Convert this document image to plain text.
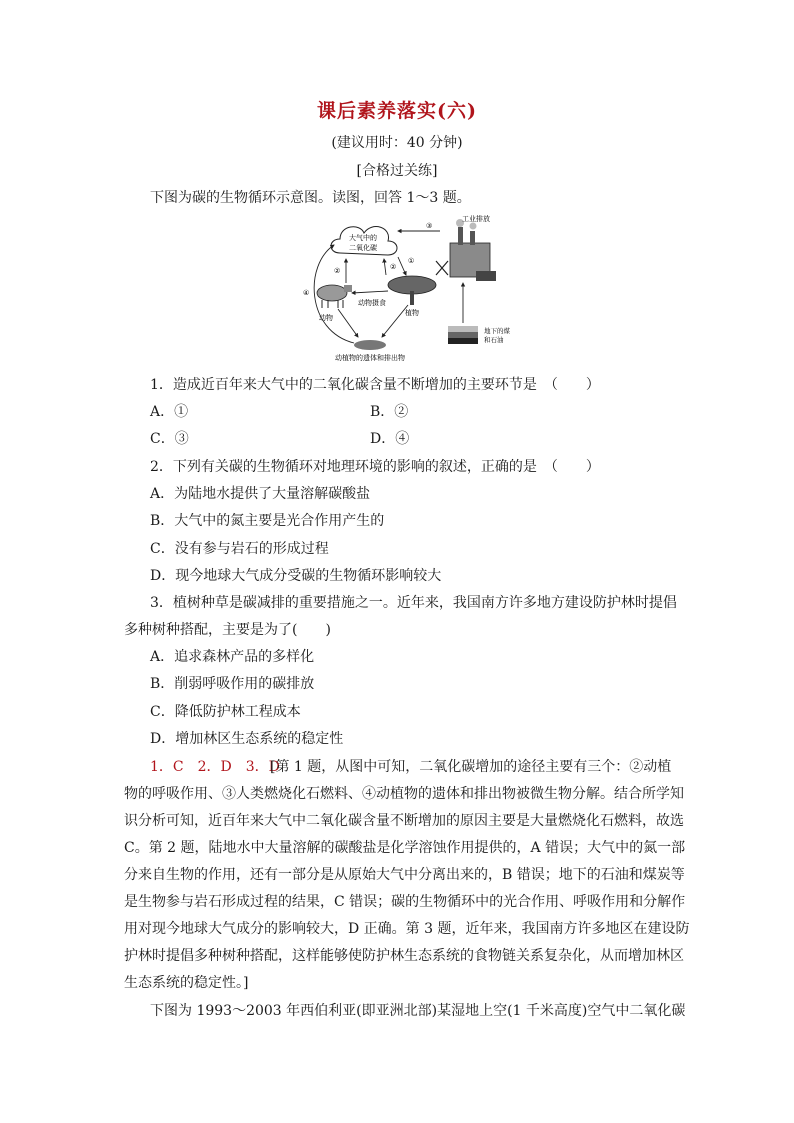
课后素养落实(六)
(建议用时：40 分钟)
[合格过关练]
下图为碳的生物循环示意图。读图，回答 1～3 题。
大气中的
二氧化碳
工业排放
动物摄食
植物
动物
动植物的遗体和排出物
地下的煤
和石油
③
①
②
②
④
1．造成近百年来大气中的二氧化碳含量不断增加的主要环节是　（　　）
A．①	B．②
C．③	D．④
2．下列有关碳的生物循环对地理环境的影响的叙述，正确的是　（　　）
A．为陆地水提供了大量溶解碳酸盐
B．大气中的氮主要是光合作用产生的
C．没有参与岩石的形成过程
D．现今地球大气成分受碳的生物循环影响较大
3．植树种草是碳减排的重要措施之一。近年来，我国南方许多地方建设防护林时提倡
多种树种搭配，主要是为了(　　)
A．追求森林产品的多样化
B．削弱呼吸作用的碳排放
C．降低防护林工程成本
D．增加林区生态系统的稳定性
1．C　2．D　3．D
[第 1 题，从图中可知，二氧化碳增加的途径主要有三个：②动植
物的呼吸作用、③人类燃烧化石燃料、④动植物的遗体和排出物被微生物分解。结合所学知
识分析可知，近百年来大气中二氧化碳含量不断增加的原因主要是大量燃烧化石燃料，故选
C。第 2 题，陆地水中大量溶解的碳酸盐是化学溶蚀作用提供的，A 错误；大气中的氮一部
分来自生物的作用，还有一部分是从原始大气中分离出来的，B 错误；地下的石油和煤炭等
是生物参与岩石形成过程的结果，C 错误；碳的生物循环中的光合作用、呼吸作用和分解作
用对现今地球大气成分的影响较大，D 正确。第 3 题，近年来，我国南方许多地区在建设防
护林时提倡多种树种搭配，这样能够使防护林生态系统的食物链关系复杂化，从而增加林区
生态系统的稳定性。]
下图为 1993～2003 年西伯利亚(即亚洲北部)某湿地上空(1 千米高度)空气中二氧化碳
